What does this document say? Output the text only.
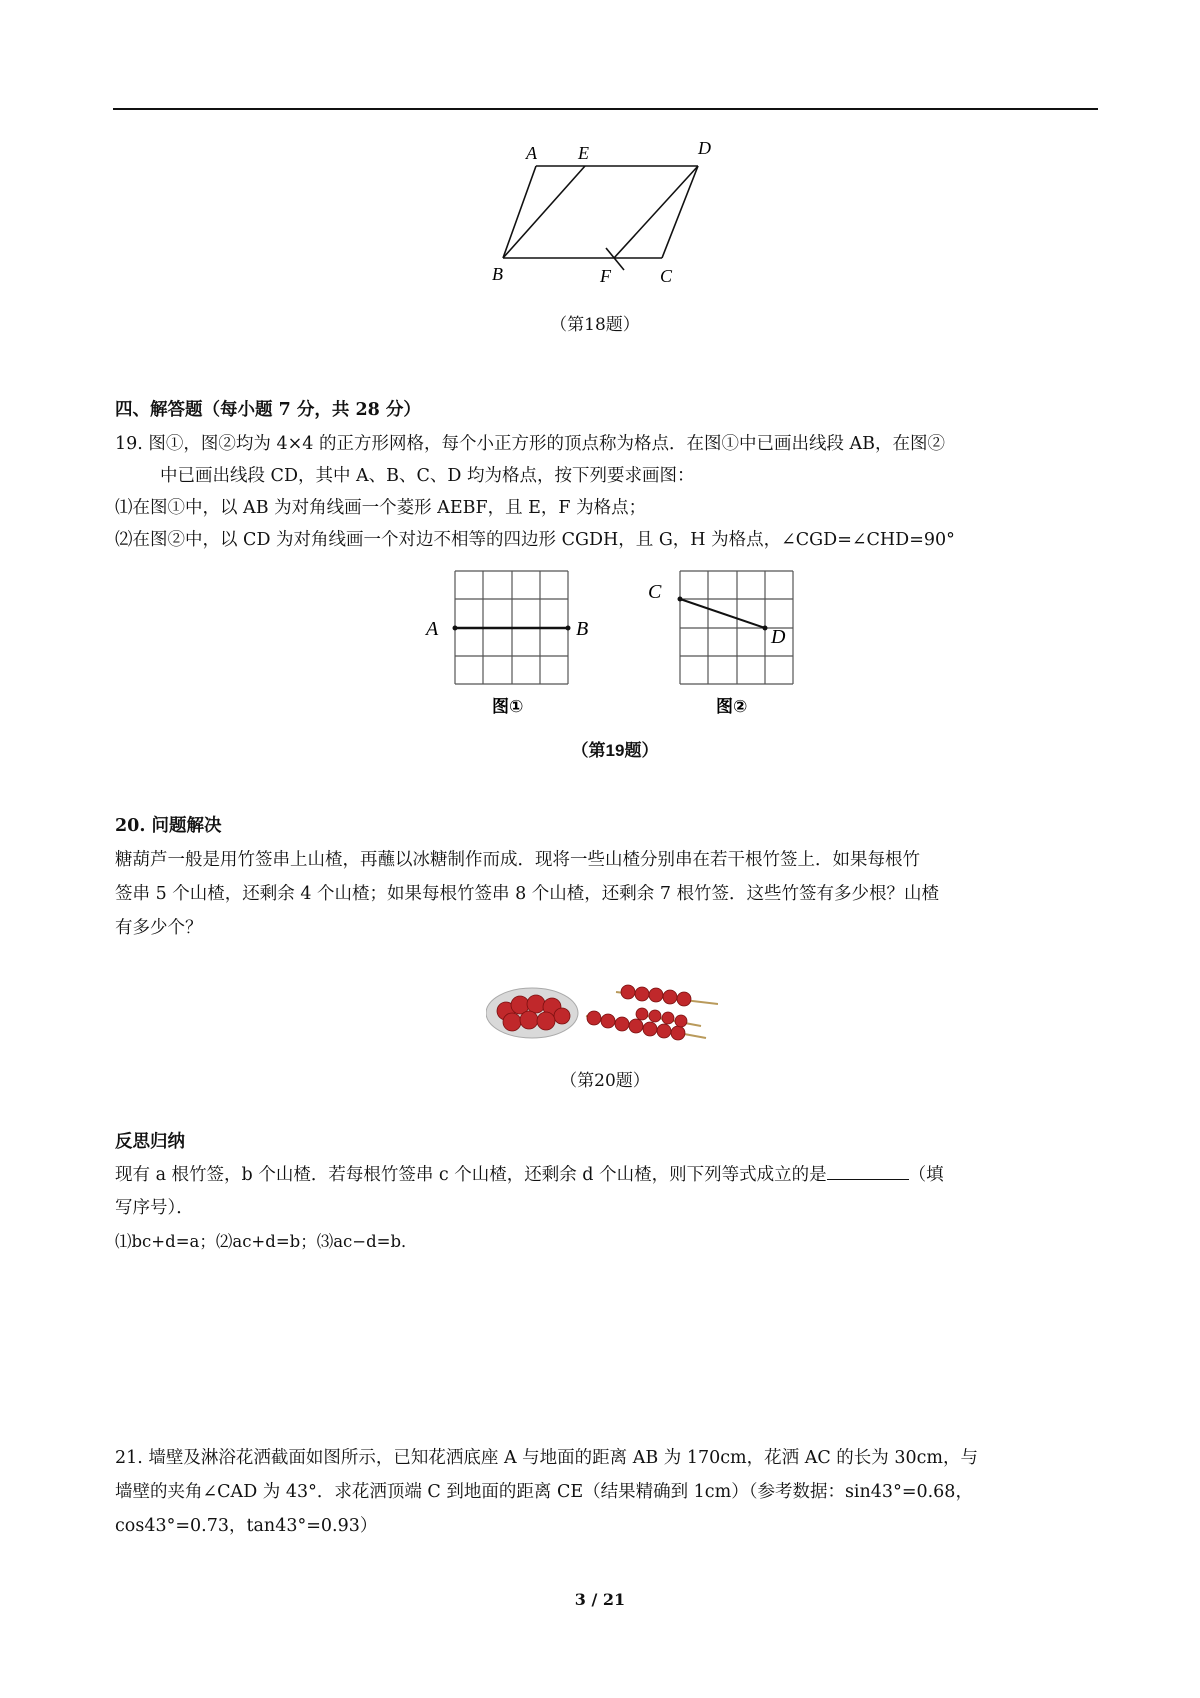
A E	D
B	F	C
（第18题）
四、解答题（每小题 7 分，共 28 分）
19. 图①，图②均为 4×4 的正方形网格，每个小正方形的顶点称为格点．在图①中已画出线段 AB，在图②
中已画出线段 CD，其中 A、B、C、D 均为格点，按下列要求画图：
⑴在图①中，以 AB 为对角线画一个菱形 AEBF，且 E，F 为格点；
⑵在图②中，以 CD 为对角线画一个对边不相等的四边形 CGDH，且 G，H 为格点，∠CGD=∠CHD=90°
A	B
图①
C
D
图②
（第19题）
20. 问题解决
糖葫芦一般是用竹签串上山楂，再蘸以冰糖制作而成．现将一些山楂分别串在若干根竹签上．如果每根竹
签串 5 个山楂，还剩余 4 个山楂；如果每根竹签串 8 个山楂，还剩余 7 根竹签．这些竹签有多少根？山楂
有多少个？
（第20题）
反思归纳
现有 a 根竹签，b 个山楂．若每根竹签串 c 个山楂，还剩余 d 个山楂，则下列等式成立的是	（填
写序号）．
⑴bc+d=a；⑵ac+d=b；⑶ac−d=b．
21. 墙壁及淋浴花洒截面如图所示，已知花洒底座 A 与地面的距离 AB 为 170cm，花洒 AC 的长为 30cm，与
墙壁的夹角∠CAD 为 43°．求花洒顶端 C 到地面的距离 CE（结果精确到 1cm）（参考数据：sin43°=0.68，
cos43°=0.73，tan43°=0.93）
3 / 21
